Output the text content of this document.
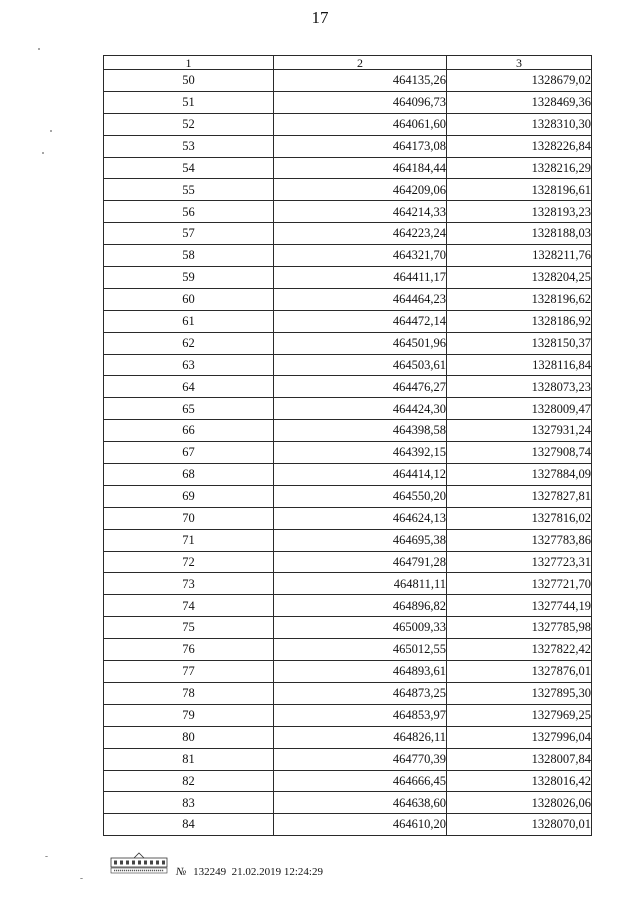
17
1	2	3
50	464135,26	1328679,02
51	464096,73	1328469,36
52	464061,60	1328310,30
53	464173,08	1328226,84
54	464184,44	1328216,29
55	464209,06	1328196,61
56	464214,33	1328193,23
57	464223,24	1328188,03
58	464321,70	1328211,76
59	464411,17	1328204,25
60	464464,23	1328196,62
61	464472,14	1328186,92
62	464501,96	1328150,37
63	464503,61	1328116,84
64	464476,27	1328073,23
65	464424,30	1328009,47
66	464398,58	1327931,24
67	464392,15	1327908,74
68	464414,12	1327884,09
69	464550,20	1327827,81
70	464624,13	1327816,02
71	464695,38	1327783,86
72	464791,28	1327723,31
73	464811,11	1327721,70
74	464896,82	1327744,19
75	465009,33	1327785,98
76	465012,55	1327822,42
77	464893,61	1327876,01
78	464873,25	1327895,30
79	464853,97	1327969,25
80	464826,11	1327996,04
81	464770,39	1328007,84
82	464666,45	1328016,42
83	464638,60	1328026,06
84	464610,20	1328070,01
№ 132249 21.02.2019 12:24:29
